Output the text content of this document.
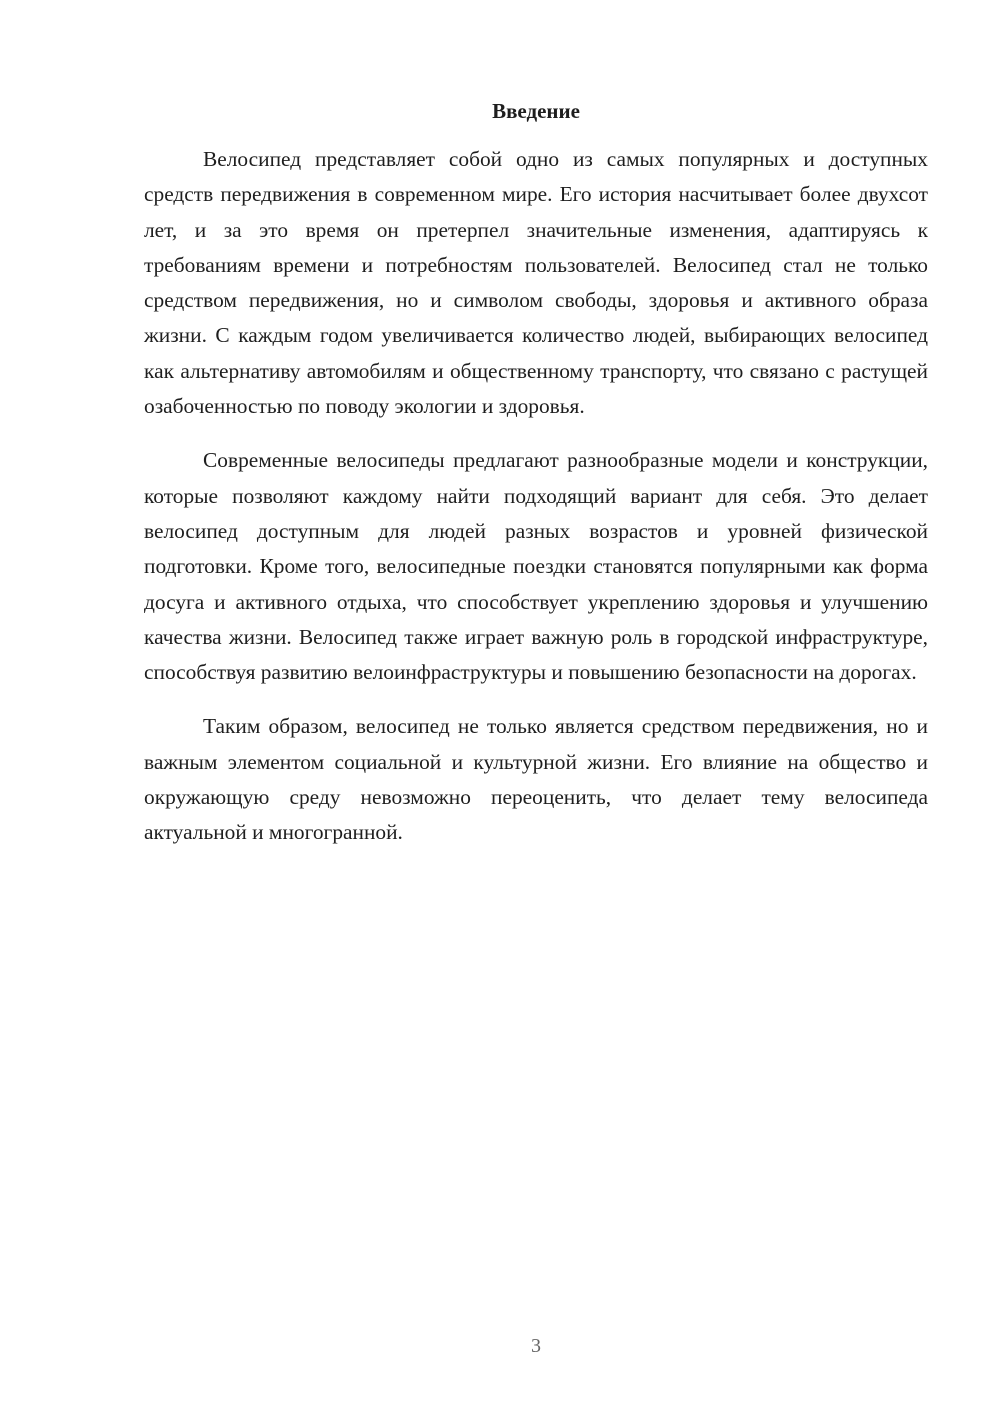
Введение

Велосипед представляет собой одно из самых популярных и доступных средств передвижения в современном мире. Его история насчитывает более двухсот лет, и за это время он претерпел значительные изменения, адаптируясь к требованиям времени и потребностям пользователей. Велосипед стал не только средством передвижения, но и символом свободы, здоровья и активного образа жизни. С каждым годом увеличивается количество людей, выбирающих велосипед как альтернативу автомобилям и общественному транспорту, что связано с растущей озабоченностью по поводу экологии и здоровья.

Современные велосипеды предлагают разнообразные модели и конструкции, которые позволяют каждому найти подходящий вариант для себя. Это делает велосипед доступным для людей разных возрастов и уровней физической подготовки. Кроме того, велосипедные поездки становятся популярными как форма досуга и активного отдыха, что способствует укреплению здоровья и улучшению качества жизни. Велосипед также играет важную роль в городской инфраструктуре, способствуя развитию велоинфраструктуры и повышению безопасности на дорогах.

Таким образом, велосипед не только является средством передвижения, но и важным элементом социальной и культурной жизни. Его влияние на общество и окружающую среду невозможно переоценить, что делает тему велосипеда актуальной и многогранной.

3
